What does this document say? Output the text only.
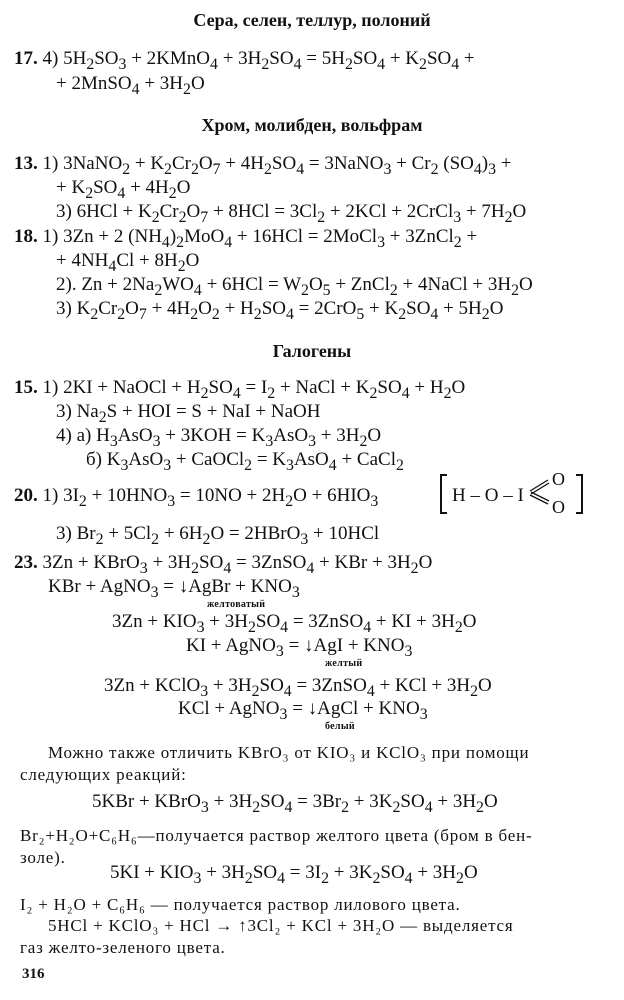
Сера, селен, теллур, полоний
17. 4) $5H_2SO_3$ + 2KMnO$_4$ + $3H_2SO_4 = 5H_2SO_4 + K_2SO_4$ +
+ 2MnSO$_4$ + $3H_2O$
Хром, молибден, вольфрам
13. 1) 3NaNO$_2$ + $K_2Cr_2O_7 + 4H_2SO_4$ = 3NaNO$_3$ + $Cr_2$ $(SO_4)_3$ +
+ $K_2SO_4 + 4H_2O$
3) $6HCl + K_2Cr_2O_7 + 8HCl = 3Cl_2 + 2KCl$ + 2CrCl$_3$ + $7H_2O$
18. 1) 3Zn + 2 $(NH_4)_2MoO_4 + 16HCl$ = 2MoCl$_3$ + 3ZnCl$_2$ +
+ $4NH_4Cl + 8H_2O$
2). $Zn + 2Na_2WO_4 + 6HCl = W_2O_5$ + ZnCl$_2$ + 4NaCl + $3H_2O$
3) $K_2Cr_2O_7 + 4H_2O_2 + H_2SO_4 = 2CrO_5 + K_2SO_4 + 5H_2O$
Галогены
15. 1) 2KI + NaOCl + $H_2SO_4 = I_2$ + NaCl + $K_2SO_4 + H_2O$
3) $Na_2S$ + HOI = S + NaI + NaOH
4) а) $H_3AsO_3 + 3KOH = K_3AsO_3 + 3H_2O$
б) $K_3AsO_3$ + CaOCl$_2$ = $K_3AsO_4$ + CaCl$_2$
20. 1) $3I_2 + 10HNO_3 = 10NO + 2H_2O + 6HIO_3$	H – O – I
O
O
3) $Br_2 + 5Cl_2 + 6H_2O$ = 2HBrO$_3$ + 10HCl
23. 3Zn + KBrO$_3$ + $3H_2SO_4$ = 3ZnSO$_4$ + KBr + $3H_2O$
KBr + AgNO$_3$ = ↓AgBr + $KNO_3$
желтоватый
$3Zn + KIO_3 + 3H_2SO_4$ = 3ZnSO$_4$ + KI + $3H_2O$
KI + AgNO$_3$ = ↓AgI + $KNO_3$
желтый
3Zn + KClO$_3$ + $3H_2SO_4$ = 3ZnSO$_4$ + KCl + $3H_2O$
KCl + AgNO$_3$ = ↓AgCl + $KNO_3$
белый
Можно также отличить KBrO₃ от KIO₃ и KClO₃ при помощи
следующих реакций:
5KBr + KBrO$_3$ + $3H_2SO_4 = 3Br_2 + 3K_2SO_4 + 3H_2O$
Br₂+H₂O+C₆H₆—получается раствор желтого цвета (бром в бен-
золе).
$5KI + KIO_3 + 3H_2SO_4 = 3I_2 + 3K_2SO_4 + 3H_2O$
I₂ + H₂O + C₆H₆ — получается раствор лилового цвета.
5HCl + KClO₃ + HCl → ↑3Cl₂ + KCl + 3H₂O — выделяется
газ желто-зеленого цвета.
316
